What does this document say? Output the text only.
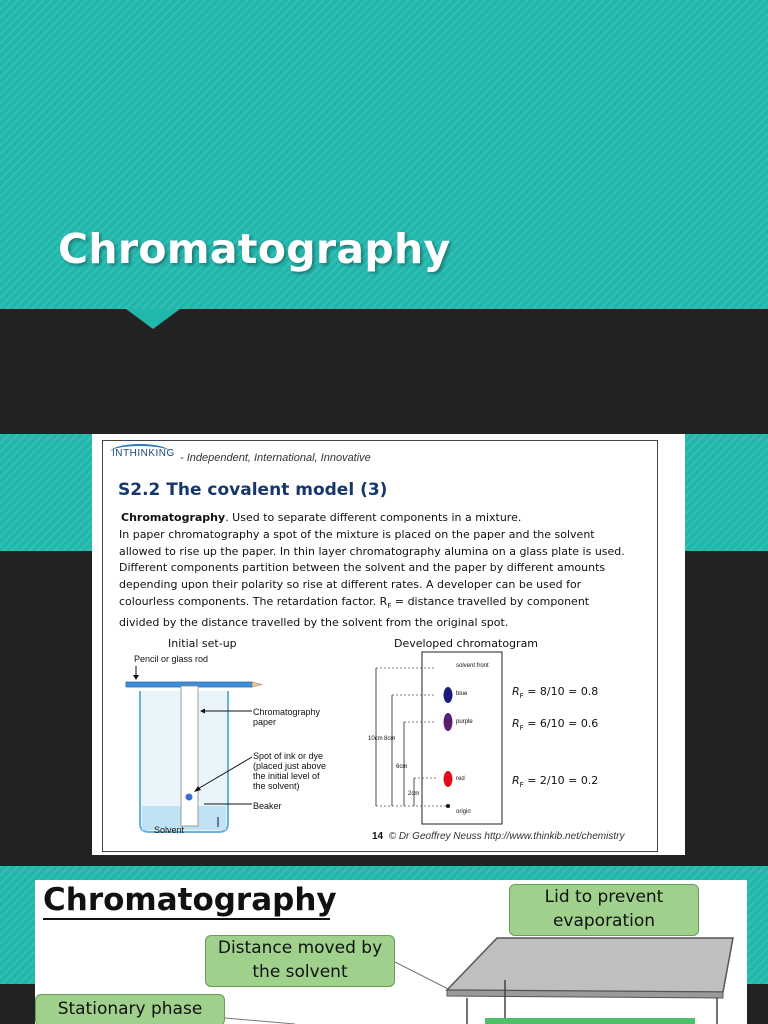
Chromatography
INTHINKING - Independent, International, Innovative
S2.2 The covalent model (3)
Chromatography. Used to separate different components in a mixture.
In paper chromatography a spot of the mixture is placed on the paper and the solvent
allowed to rise up the paper. In thin layer chromatography alumina on a glass plate is used.
Different components partition between the solvent and the paper by different amounts
depending upon their polarity so rise at different rates. A developer can be used for
colourless components. The retardation factor. $R_F$ = distance travelled by component
divided by the distance travelled by the solvent from the original spot.
Initial set-up
Pencil or glass rod
Chromatography
paper
Spot of ink or dye
(placed just above
the initial level of
the solvent)
Beaker
Solvent
Developed chromatogram
solvent front
blue
purple
red
origin
10cm 8cm
6cm
2cm
$R_F = 8/10 = 0.8$
$R_F = 6/10 = 0.6$
$R_F = 2/10 = 0.2$
14 © Dr Geoffrey Neuss http://www.thinkib.net/chemistry
Chromatography	Lid to prevent
evaporation
Distance moved by
the solvent
Stationary phase
